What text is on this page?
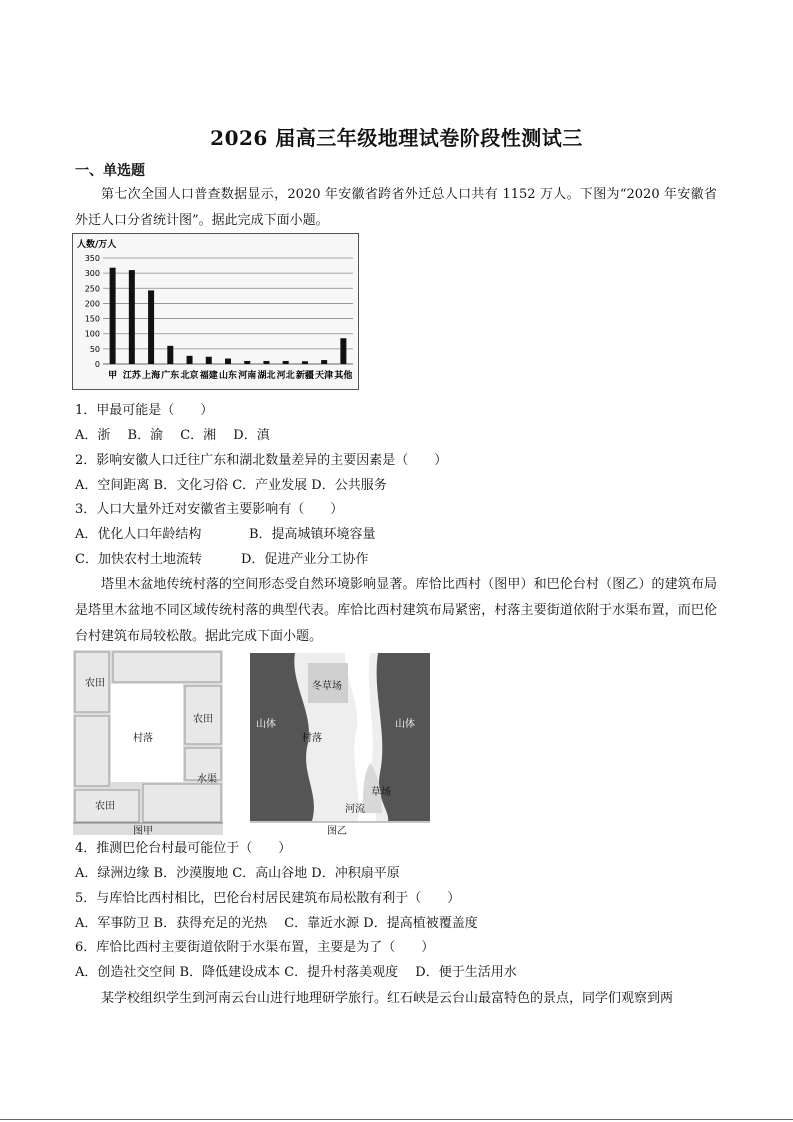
2026 届高三年级地理试卷阶段性测试三
一、单选题
第七次全国人口普查数据显示，2020 年安徽省跨省外迁总人口共有 1152 万人。下图为“2020 年安徽省外迁人口分省统计图”。据此完成下面小题。
人数/万人
0
50
100
150
200
250
300
350
甲 江苏 上海 广东 北京 福建 山东 河南 湖北 河北 新疆 天津 其他
1．甲最可能是（　　）
A．浙　 B．渝　 C．湘　 D．滇
2．影响安徽人口迁往广东和湖北数量差异的主要因素是（　　）
A．空间距离 B．文化习俗 C．产业发展 D．公共服务
3．人口大量外迁对安徽省主要影响有（　　）
A．优化人口年龄结构	B．提高城镇环境容量
C．加快农村土地流转	D．促进产业分工协作
塔里木盆地传统村落的空间形态受自然环境影响显著。库恰比西村（图甲）和巴伦台村（图乙）的建筑布局是塔里木盆地不同区域传统村落的典型代表。库恰比西村建筑布局紧密，村落主要街道依附于水渠布置，而巴伦台村建筑布局较松散。据此完成下面小题。
农田
农田
农田
村落
水渠
图甲
冬草场
山体	山体
村落
草场
河流
图乙
4．推测巴伦台村最可能位于（　　）
A．绿洲边缘 B．沙漠腹地 C．高山谷地 D．冲积扇平原
5．与库恰比西村相比，巴伦台村居民建筑布局松散有利于（　　）
A．军事防卫 B．获得充足的光热　 C．靠近水源 D．提高植被覆盖度
6．库恰比西村主要街道依附于水渠布置，主要是为了（　　）
A．创造社交空间 B．降低建设成本 C．提升村落美观度　 D．便于生活用水
某学校组织学生到河南云台山进行地理研学旅行。红石峡是云台山最富特色的景点，同学们观察到两
